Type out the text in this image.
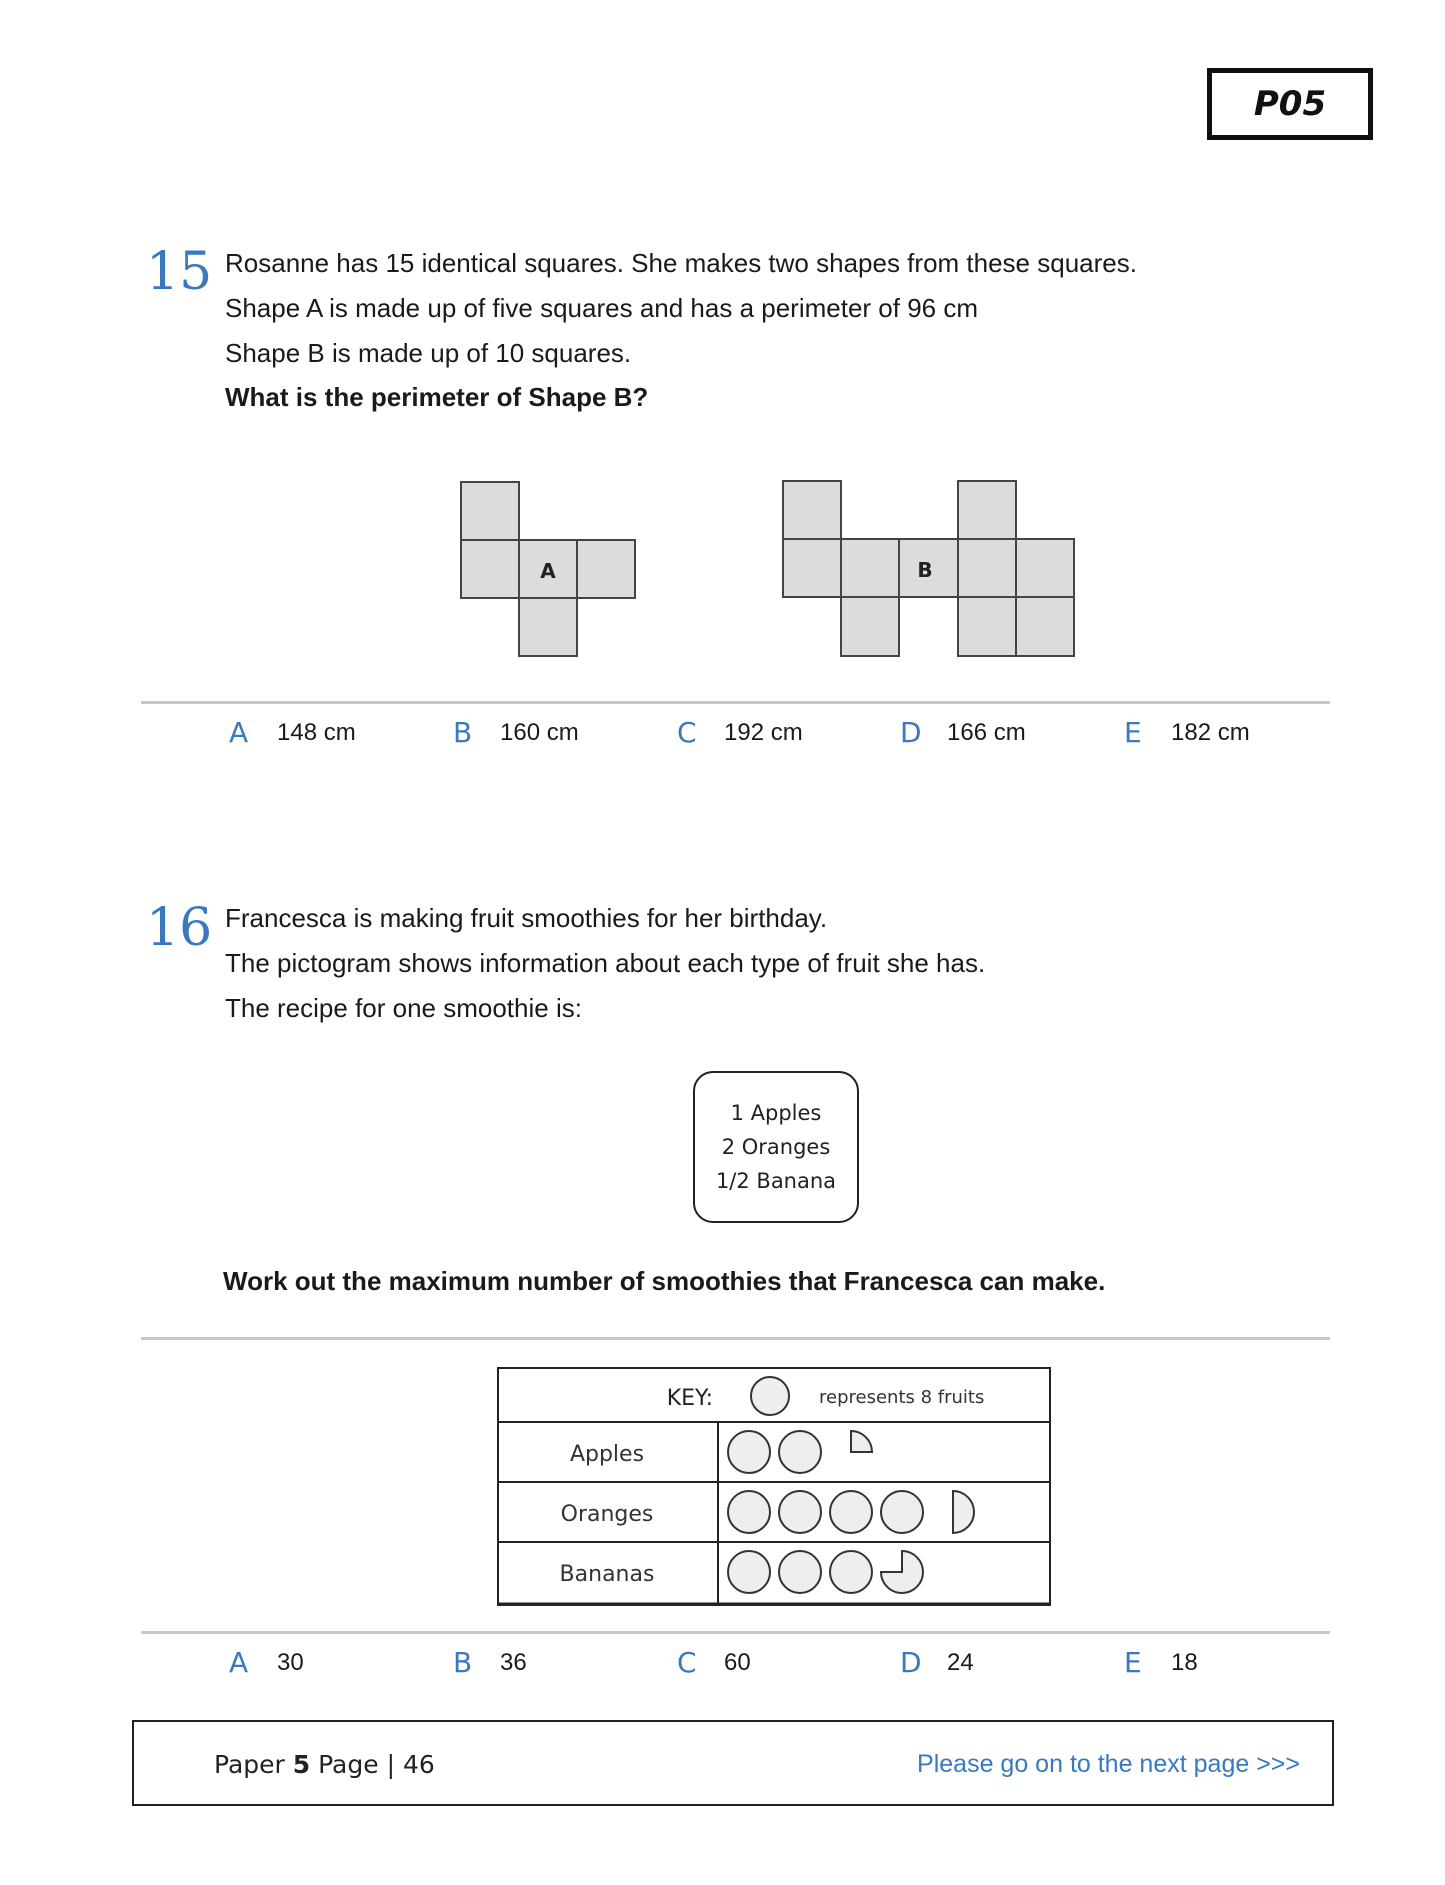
P05
15 Rosanne has 15 identical squares. She makes two shapes from these squares.
Shape A is made up of five squares and has a perimeter of 96 cm
Shape B is made up of 10 squares.
What is the perimeter of Shape B?
A	B
A 148 cm	B 160 cm	C 192 cm	D 166 cm	E 182 cm
16 Francesca is making fruit smoothies for her birthday.
The pictogram shows information about each type of fruit she has.
The recipe for one smoothie is:
1 Apples
2 Oranges
1/2 Banana
Work out the maximum number of smoothies that Francesca can make.
KEY:	represents 8 fruits
Apples
Oranges
Bananas
A 30	B 36	C 60	D 24	E 18
Paper 5 Page | 46	Please go on to the next page >>>
